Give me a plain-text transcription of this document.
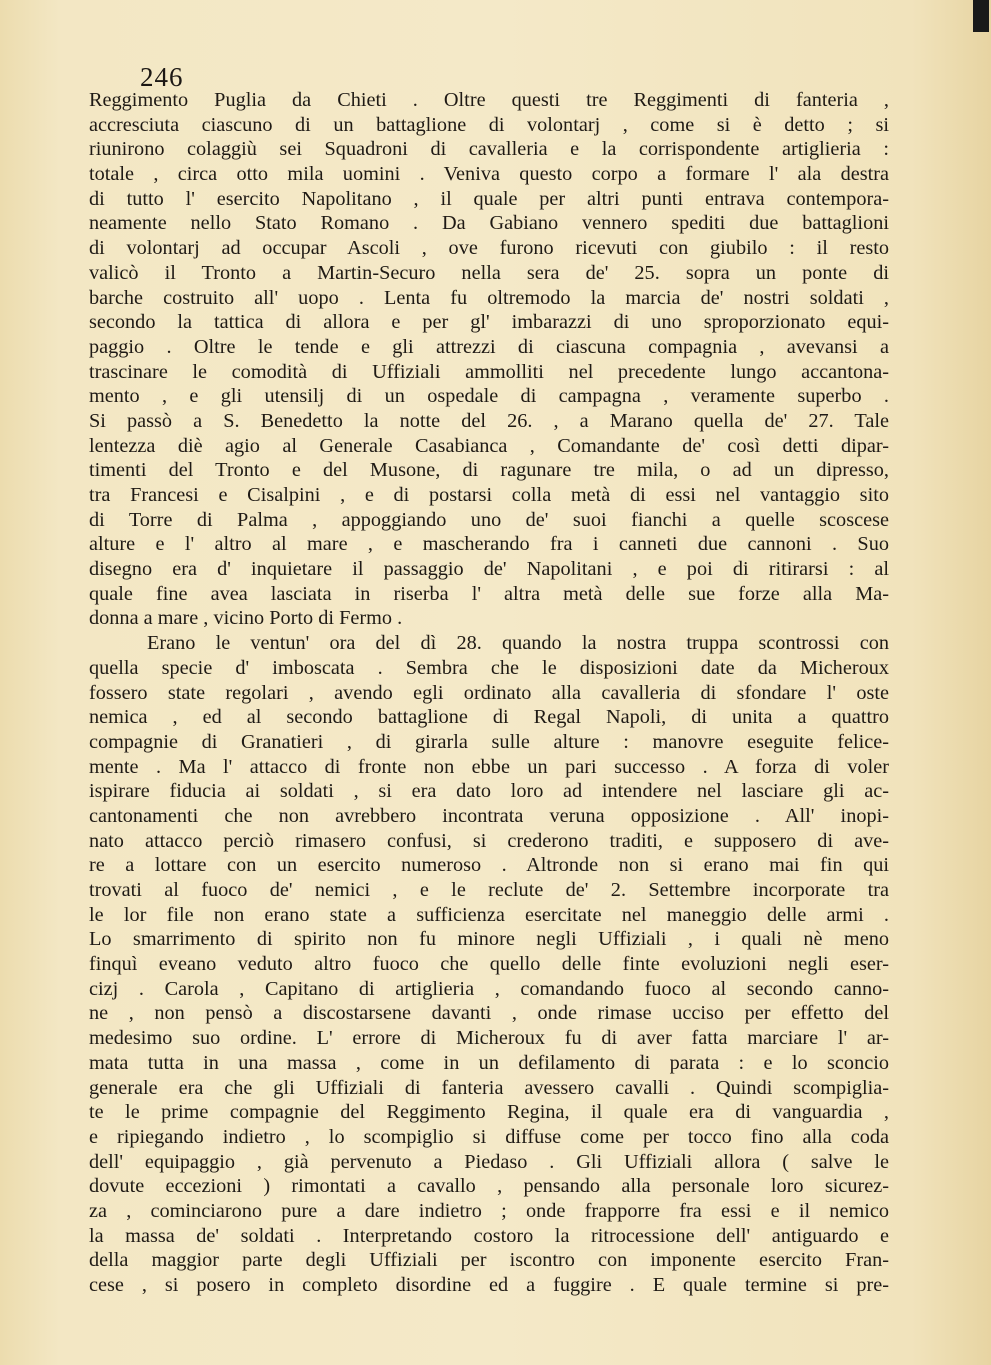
246
Reggimento Puglia da Chieti . Oltre questi tre Reggimenti di fanteria ,
accresciuta ciascuno di un battaglione di volontarj , come si è detto ; si
riunirono colaggiù sei Squadroni di cavalleria e la corrispondente artiglieria :
totale , circa otto mila uomini . Veniva questo corpo a formare l' ala destra
di tutto l' esercito Napolitano , il quale per altri punti entrava contempora-
neamente nello Stato Romano . Da Gabiano vennero spediti due battaglioni
di volontarj ad occupar Ascoli , ove furono ricevuti con giubilo : il resto
valicò il Tronto a Martin-Securo nella sera de' 25. sopra un ponte di
barche costruito all' uopo . Lenta fu oltremodo la marcia de' nostri soldati ,
secondo la tattica di allora e per gl' imbarazzi di uno sproporzionato equi-
paggio . Oltre le tende e gli attrezzi di ciascuna compagnia , avevansi a
trascinare le comodità di Uffiziali ammolliti nel precedente lungo accantona-
mento , e gli utensilj di un ospedale di campagna , veramente superbo .
Si passò a S. Benedetto la notte del 26. , a Marano quella de' 27. Tale
lentezza diè agio al Generale Casabianca , Comandante de' così detti dipar-
timenti del Tronto e del Musone, di ragunare tre mila, o ad un dipresso,
tra Francesi e Cisalpini , e di postarsi colla metà di essi nel vantaggio sito
di Torre di Palma , appoggiando uno de' suoi fianchi a quelle scoscese
alture e l' altro al mare , e mascherando fra i canneti due cannoni . Suo
disegno era d' inquietare il passaggio de' Napolitani , e poi di ritirarsi : al
quale fine avea lasciata in riserba l' altra metà delle sue forze alla Ma-
donna a mare , vicino Porto di Fermo .
Erano le ventun' ora del dì 28. quando la nostra truppa scontrossi con
quella specie d' imboscata . Sembra che le disposizioni date da Micheroux
fossero state regolari , avendo egli ordinato alla cavalleria di sfondare l' oste
nemica , ed al secondo battaglione di Regal Napoli, di unita a quattro
compagnie di Granatieri , di girarla sulle alture : manovre eseguite felice-
mente . Ma l' attacco di fronte non ebbe un pari successo . A forza di voler
ispirare fiducia ai soldati , si era dato loro ad intendere nel lasciare gli ac-
cantonamenti che non avrebbero incontrata veruna opposizione . All' inopi-
nato attacco perciò rimasero confusi, si crederono traditi, e supposero di ave-
re a lottare con un esercito numeroso . Altronde non si erano mai fin qui
trovati al fuoco de' nemici , e le reclute de' 2. Settembre incorporate tra
le lor file non erano state a sufficienza esercitate nel maneggio delle armi .
Lo smarrimento di spirito non fu minore negli Uffiziali , i quali nè meno
finquì eveano veduto altro fuoco che quello delle finte evoluzioni negli eser-
cizj . Carola , Capitano di artiglieria , comandando fuoco al secondo canno-
ne , non pensò a discostarsene davanti , onde rimase ucciso per effetto del
medesimo suo ordine. L' errore di Micheroux fu di aver fatta marciare l' ar-
mata tutta in una massa , come in un defilamento di parata : e lo sconcio
generale era che gli Uffiziali di fanteria avessero cavalli . Quindi scompiglia-
te le prime compagnie del Reggimento Regina, il quale era di vanguardia ,
e ripiegando indietro , lo scompiglio si diffuse come per tocco fino alla coda
dell' equipaggio , già pervenuto a Piedaso . Gli Uffiziali allora ( salve le
dovute eccezioni ) rimontati a cavallo , pensando alla personale loro sicurez-
za , cominciarono pure a dare indietro ; onde frapporre fra essi e il nemico
la massa de' soldati . Interpretando costoro la ritrocessione dell' antiguardo e
della maggior parte degli Uffiziali per iscontro con imponente esercito Fran-
cese , si posero in completo disordine ed a fuggire . E quale termine si pre-
